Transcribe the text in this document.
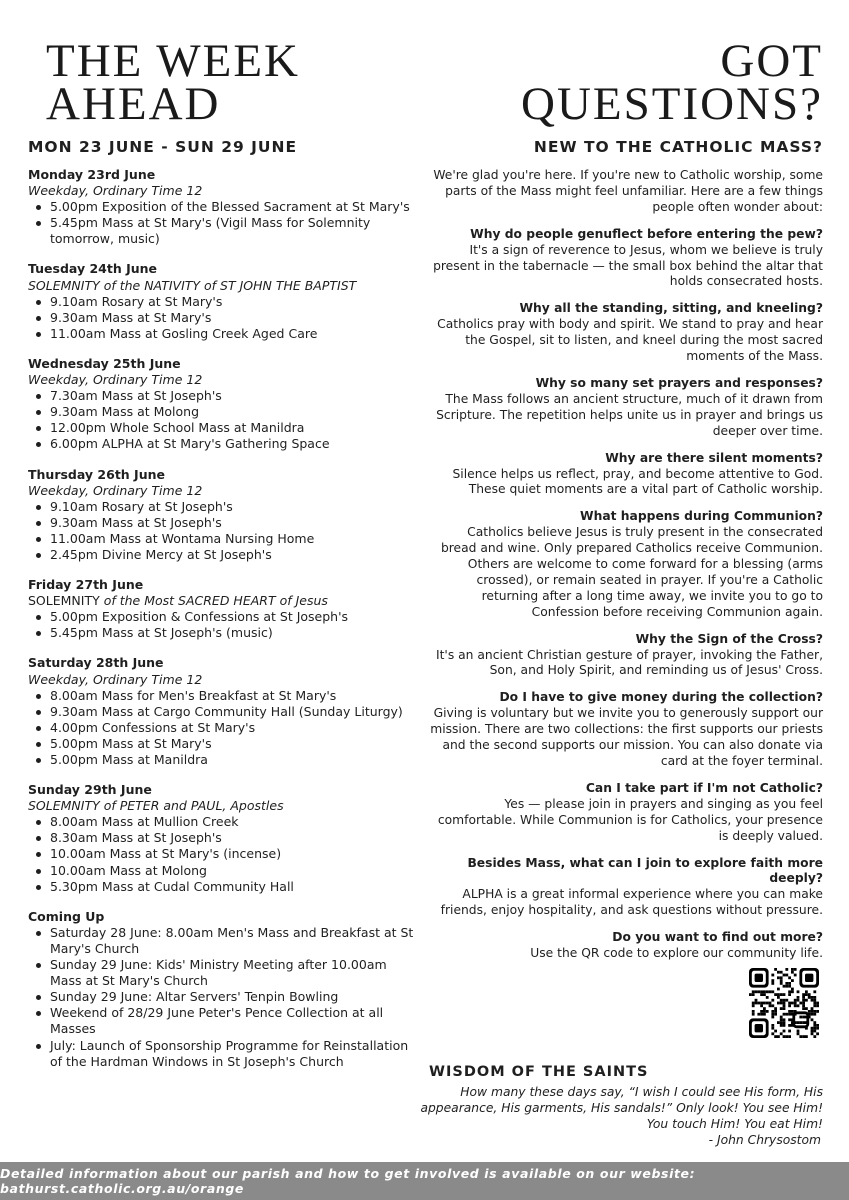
THE WEEK
AHEAD
GOT
QUESTIONS?
MON 23 JUNE - SUN 29 JUNE
Monday 23rd June
Weekday, Ordinary Time 12
5.00pm Exposition of the Blessed Sacrament at St Mary's
5.45pm Mass at St Mary's (Vigil Mass for Solemnity tomorrow, music)
Tuesday 24th June
SOLEMNITY of the NATIVITY of ST JOHN THE BAPTIST
9.10am Rosary at St Mary's
9.30am Mass at St Mary's
11.00am Mass at Gosling Creek Aged Care
Wednesday 25th June
Weekday, Ordinary Time 12
7.30am Mass at St Joseph's
9.30am Mass at Molong
12.00pm Whole School Mass at Manildra
6.00pm ALPHA at St Mary's Gathering Space
Thursday 26th June
Weekday, Ordinary Time 12
9.10am Rosary at St Joseph's
9.30am Mass at St Joseph's
11.00am Mass at Wontama Nursing Home
2.45pm Divine Mercy at St Joseph's
Friday 27th June
SOLEMNITY of the Most SACRED HEART of Jesus
5.00pm Exposition & Confessions at St Joseph's
5.45pm Mass at St Joseph's (music)
Saturday 28th June
Weekday, Ordinary Time 12
8.00am Mass for Men's Breakfast at St Mary's
9.30am Mass at Cargo Community Hall (Sunday Liturgy)
4.00pm Confessions at St Mary's
5.00pm Mass at St Mary's
5.00pm Mass at Manildra
Sunday 29th June
SOLEMNITY of PETER and PAUL, Apostles
8.00am Mass at Mullion Creek
8.30am Mass at St Joseph's
10.00am Mass at St Mary's (incense)
10.00am Mass at Molong
5.30pm Mass at Cudal Community Hall
Coming Up
Saturday 28 June: 8.00am Men's Mass and Breakfast at St Mary's Church
Sunday 29 June: Kids' Ministry Meeting after 10.00am Mass at St Mary's Church
Sunday 29 June: Altar Servers' Tenpin Bowling
Weekend of 28/29 June Peter's Pence Collection at all Masses
July: Launch of Sponsorship Programme for Reinstallation of the Hardman Windows in St Joseph's Church
NEW TO THE CATHOLIC MASS?

We're glad you're here. If you're new to Catholic worship, some parts of the Mass might feel unfamiliar. Here are a few things people often wonder about:

Why do people genuflect before entering the pew?
It's a sign of reverence to Jesus, whom we believe is truly present in the tabernacle — the small box behind the altar that holds consecrated hosts.
Why all the standing, sitting, and kneeling?
Catholics pray with body and spirit. We stand to pray and hear the Gospel, sit to listen, and kneel during the most sacred moments of the Mass.
Why so many set prayers and responses?
The Mass follows an ancient structure, much of it drawn from Scripture. The repetition helps unite us in prayer and brings us deeper over time.
Why are there silent moments?
Silence helps us reflect, pray, and become attentive to God. These quiet moments are a vital part of Catholic worship.
What happens during Communion?
Catholics believe Jesus is truly present in the consecrated bread and wine. Only prepared Catholics receive Communion. Others are welcome to come forward for a blessing (arms crossed), or remain seated in prayer. If you're a Catholic returning after a long time away, we invite you to go to Confession before receiving Communion again.
Why the Sign of the Cross?
It's an ancient Christian gesture of prayer, invoking the Father, Son, and Holy Spirit, and reminding us of Jesus' Cross.
Do I have to give money during the collection?
Giving is voluntary but we invite you to generously support our mission. There are two collections: the first supports our priests and the second supports our mission. You can also donate via card at the foyer terminal.
Can I take part if I'm not Catholic?
Yes — please join in prayers and singing as you feel comfortable. While Communion is for Catholics, your presence is deeply valued.
Besides Mass, what can I join to explore faith more deeply?
ALPHA is a great informal experience where you can make friends, enjoy hospitality, and ask questions without pressure.
Do you want to find out more?
Use the QR code to explore our community life.
WISDOM OF THE SAINTS

How many these days say, “I wish I could see His form, His appearance, His garments, His sandals!” Only look! You see Him! You touch Him! You eat Him!

- John Chrysostom

Detailed information about our parish and how to get involved is available on our website: bathurst.catholic.org.au/orange
